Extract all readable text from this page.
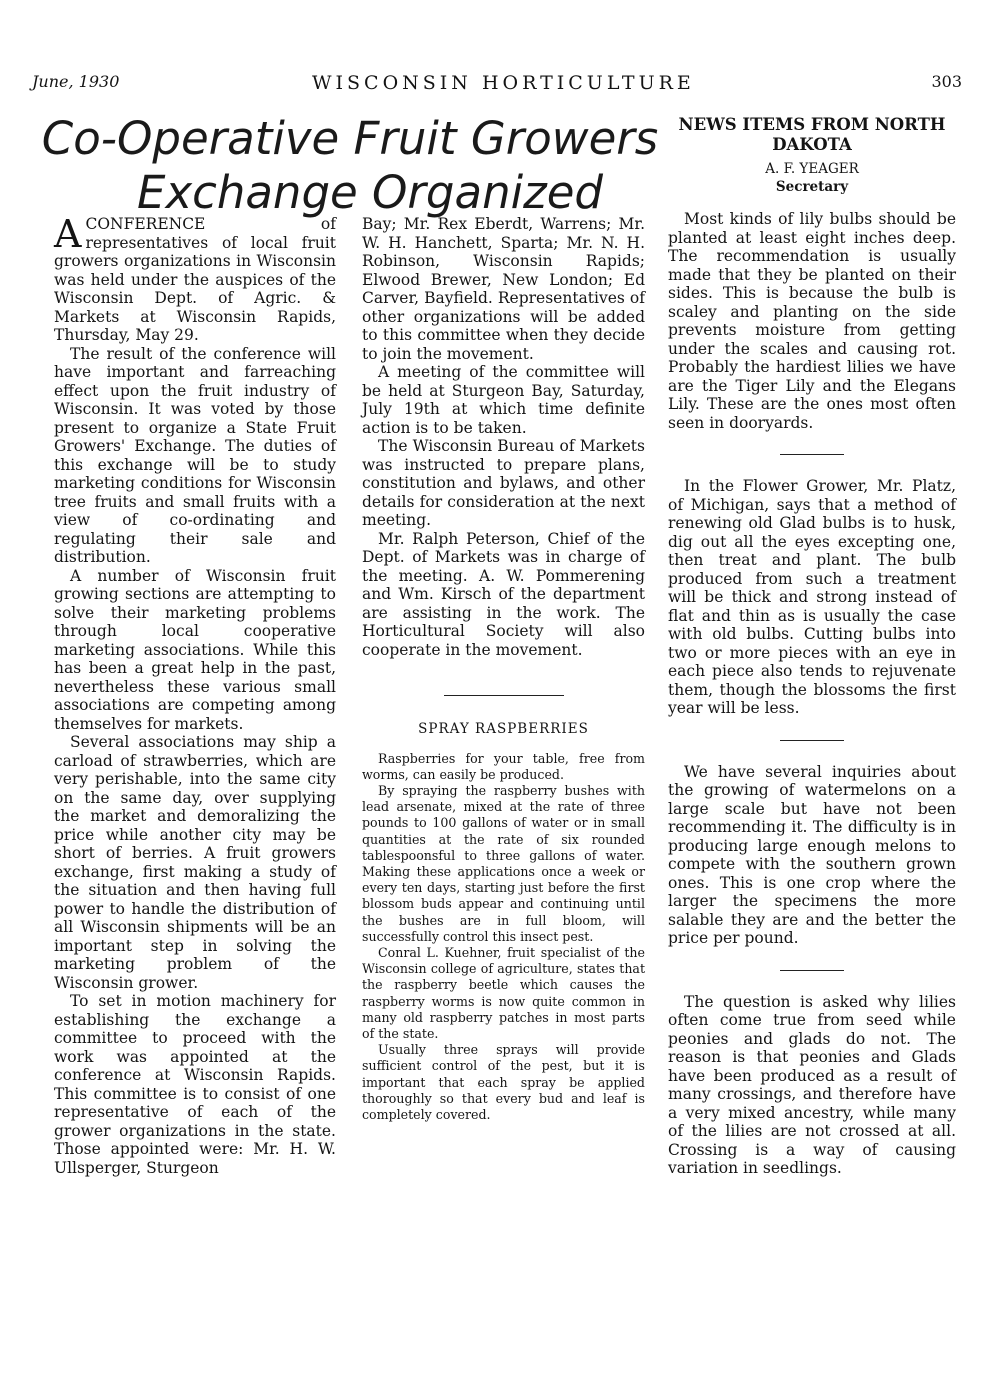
June, 1930	WISCONSIN HORTICULTURE	303
Co-Operative Fruit Growers
Exchange Organized

ACONFERENCE of representatives of local fruit growers organizations in Wisconsin was held under the auspices of the Wisconsin Dept. of Agric. & Markets at Wisconsin Rapids, Thursday, May 29.

The result of the conference will have important and farreaching effect upon the fruit industry of Wisconsin. It was voted by those present to organize a State Fruit Growers' Exchange. The duties of this exchange will be to study marketing conditions for Wisconsin tree fruits and small fruits with a view of co-ordinating and regulating their sale and distribution.

A number of Wisconsin fruit growing sections are attempting to solve their marketing problems through local cooperative marketing associations. While this has been a great help in the past, nevertheless these various small associations are competing among themselves for markets.

Several associations may ship a carload of strawberries, which are very perishable, into the same city on the same day, over supplying the market and demoralizing the price while another city may be short of berries. A fruit growers exchange, first making a study of the situation and then having full power to handle the distribution of all Wisconsin shipments will be an important step in solving the marketing problem of the Wisconsin grower.

To set in motion machinery for establishing the exchange a committee to proceed with the work was appointed at the conference at Wisconsin Rapids. This committee is to consist of one representative of each of the grower organizations in the state. Those appointed were: Mr. H. W. Ullsperger, Sturgeon

Bay; Mr. Rex Eberdt, Warrens; Mr. W. H. Hanchett, Sparta; Mr. N. H. Robinson, Wisconsin Rapids; Elwood Brewer, New London; Ed Carver, Bayfield. Representatives of other organizations will be added to this committee when they decide to join the movement.

A meeting of the committee will be held at Sturgeon Bay, Saturday, July 19th at which time definite action is to be taken.

The Wisconsin Bureau of Markets was instructed to prepare plans, constitution and bylaws, and other details for consideration at the next meeting.

Mr. Ralph Peterson, Chief of the Dept. of Markets was in charge of the meeting. A. W. Pommerening and Wm. Kirsch of the department are assisting in the work. The Horticultural Society will also cooperate in the movement.

SPRAY RASPBERRIES

Raspberries for your table, free from worms, can easily be produced.

By spraying the raspberry bushes with lead arsenate, mixed at the rate of three pounds to 100 gallons of water or in small quantities at the rate of six rounded tablespoonsful to three gallons of water. Making these applications once a week or every ten days, starting just before the first blossom buds appear and continuing until the bushes are in full bloom, will successfully control this insect pest.

Conral L. Kuehner, fruit specialist of the Wisconsin college of agriculture, states that the raspberry beetle which causes the raspberry worms is now quite common in many old raspberry patches in most parts of the state.

Usually three sprays will provide sufficient control of the pest, but it is important that each spray be applied thoroughly so that every bud and leaf is completely covered.

NEWS ITEMS FROM NORTH DAKOTA
A. F. YEAGER
Secretary

Most kinds of lily bulbs should be planted at least eight inches deep. The recommendation is usually made that they be planted on their sides. This is because the bulb is scaley and planting on the side prevents moisture from getting under the scales and causing rot. Probably the hardiest lilies we have are the Tiger Lily and the Elegans Lily. These are the ones most often seen in dooryards.

In the Flower Grower, Mr. Platz, of Michigan, says that a method of renewing old Glad bulbs is to husk, dig out all the eyes excepting one, then treat and plant. The bulb produced from such a treatment will be thick and strong instead of flat and thin as is usually the case with old bulbs. Cutting bulbs into two or more pieces with an eye in each piece also tends to rejuvenate them, though the blossoms the first year will be less.

We have several inquiries about the growing of watermelons on a large scale but have not been recommending it. The difficulty is in producing large enough melons to compete with the southern grown ones. This is one crop where the larger the specimens the more salable they are and the better the price per pound.

The question is asked why lilies often come true from seed while peonies and glads do not. The reason is that peonies and Glads have been produced as a result of many crossings, and therefore have a very mixed ancestry, while many of the lilies are not crossed at all. Crossing is a way of causing variation in seedlings.
